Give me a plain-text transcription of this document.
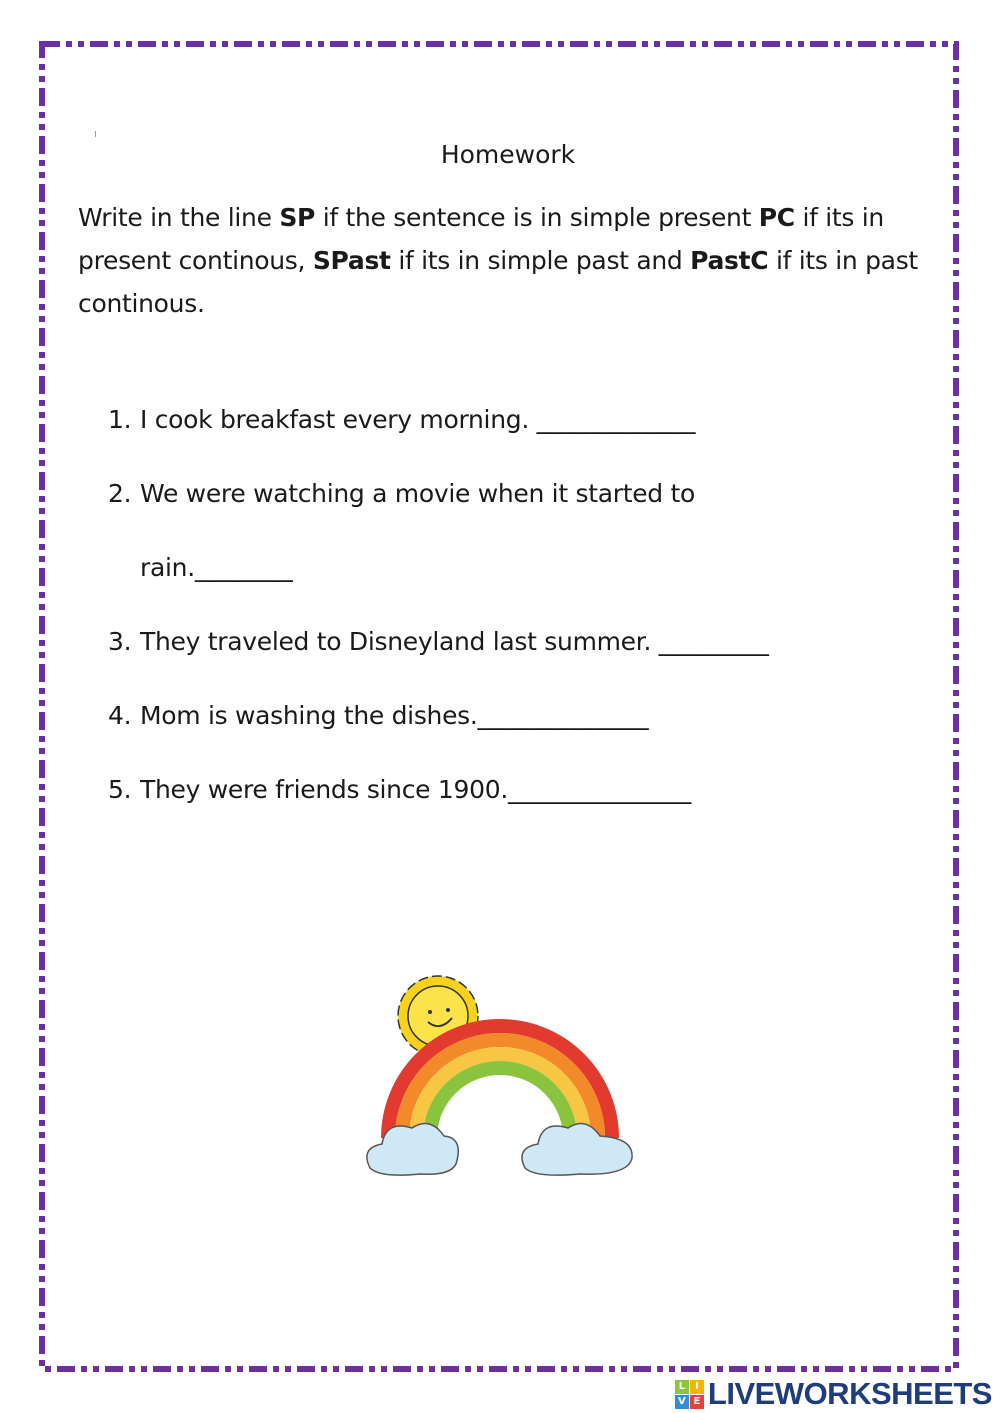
Homework
Write in the line SP if the sentence is in simple present PC if its in present continous, SPast if its in simple past and PastC if its in past continous.
1. I cook breakfast every morning. _____________
2. We were watching a movie when it started to
rain.________
3. They traveled to Disneyland last summer. _________
4. Mom is washing the dishes.______________
5. They were friends since 1900._______________
L I
V E LIVEWORKSHEETS
